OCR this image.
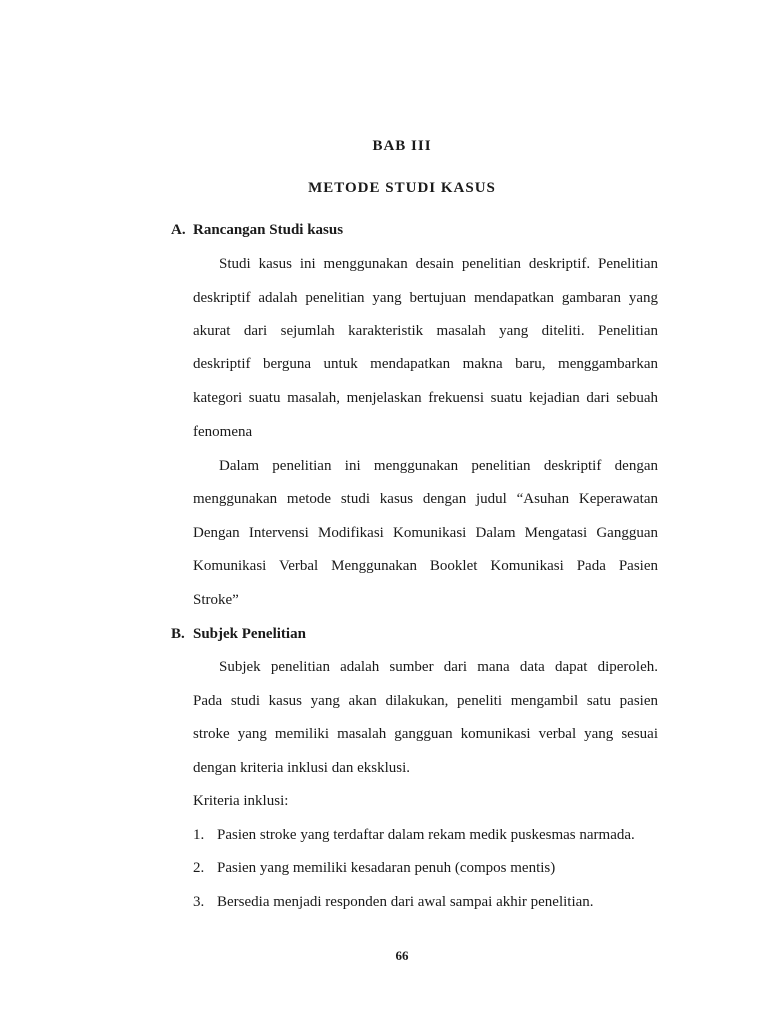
BAB III
METODE STUDI KASUS
A. Rancangan Studi kasus
Studi kasus ini menggunakan desain penelitian deskriptif. Penelitian
deskriptif adalah penelitian yang bertujuan mendapatkan gambaran yang
akurat dari sejumlah karakteristik masalah yang diteliti. Penelitian
deskriptif berguna untuk mendapatkan makna baru, menggambarkan
kategori suatu masalah, menjelaskan frekuensi suatu kejadian dari sebuah
fenomena
Dalam penelitian ini menggunakan penelitian deskriptif dengan
menggunakan metode studi kasus dengan judul “Asuhan Keperawatan
Dengan Intervensi Modifikasi Komunikasi Dalam Mengatasi Gangguan
Komunikasi Verbal Menggunakan Booklet Komunikasi Pada Pasien
Stroke”
B. Subjek Penelitian
Subjek penelitian adalah sumber dari mana data dapat diperoleh.
Pada studi kasus yang akan dilakukan, peneliti mengambil satu pasien
stroke yang memiliki masalah gangguan komunikasi verbal yang sesuai
dengan kriteria inklusi dan eksklusi.
Kriteria inklusi:
1. Pasien stroke yang terdaftar dalam rekam medik puskesmas narmada.
2. Pasien yang memiliki kesadaran penuh (compos mentis)
3. Bersedia menjadi responden dari awal sampai akhir penelitian.
66
